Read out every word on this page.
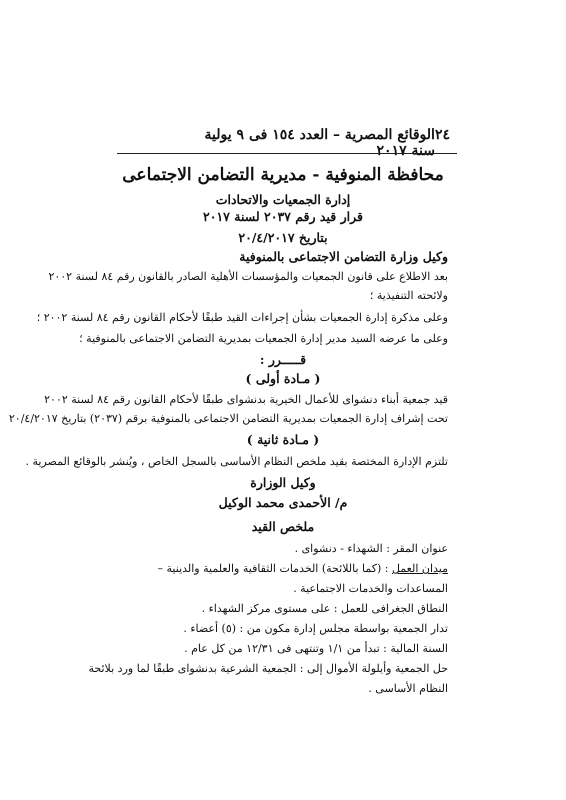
٢٤
الوقائع المصرية – العدد ١٥٤ فى ٩ يولية سنة ٢٠١٧
محافظة المنوفية - مديرية التضامن الاجتماعى
إدارة الجمعيات والاتحادات
قرار قيد رقم ٢٠٣٧ لسنة ٢٠١٧
بتاريخ ٢٠/٤/٢٠١٧
وكيل وزارة التضامن الاجتماعى بالمنوفية
بعد الاطلاع على قانون الجمعيات والمؤسسات الأهلية الصادر بالقانون رقم ٨٤ لسنة ٢٠٠٢
ولائحته التنفيذية ؛
وعلى مذكرة إدارة الجمعيات بشأن إجراءات القيد طبقًا لأحكام القانون رقم ٨٤ لسنة ٢٠٠٢ ؛
وعلى ما عرضه السيد مدير إدارة الجمعيات بمديرية التضامن الاجتماعى بالمنوفية ؛
قـــــرر :
( مـادة أولى )
قيد جمعية أبناء دنشواى للأعمال الخيرية بدنشواى طبقًا لأحكام القانون رقم ٨٤ لسنة ٢٠٠٢
تحت إشراف إدارة الجمعيات بمديرية التضامن الاجتماعى بالمنوفية برقم (٢٠٣٧) بتاريخ ٢٠/٤/٢٠١٧
( مـادة ثانية )
تلتزم الإدارة المختصة بقيد ملخص النظام الأساسى بالسجل الخاص ، ويُنشر بالوقائع المصرية .
وكيل الوزارة
م/ الأحمدى محمد الوكيل
ملخص القيد
عنوان المقر : الشهداء - دنشواى .
ميدان العمل : (كما باللائحة) الخدمات الثقافية والعلمية والدينية –
المساعدات والخدمات الاجتماعية .
النطاق الجغرافى للعمل : على مستوى مركز الشهداء .
تدار الجمعية بواسطة مجلس إدارة مكون من : (٥) أعضاء .
السنة المالية : تبدأ من ١/١ وتنتهى فى ١٢/٣١ من كل عام .
حل الجمعية وأيلولة الأموال إلى : الجمعية الشرعية بدنشواى طبقًا لما ورد بلائحة
النظام الأساسى .
